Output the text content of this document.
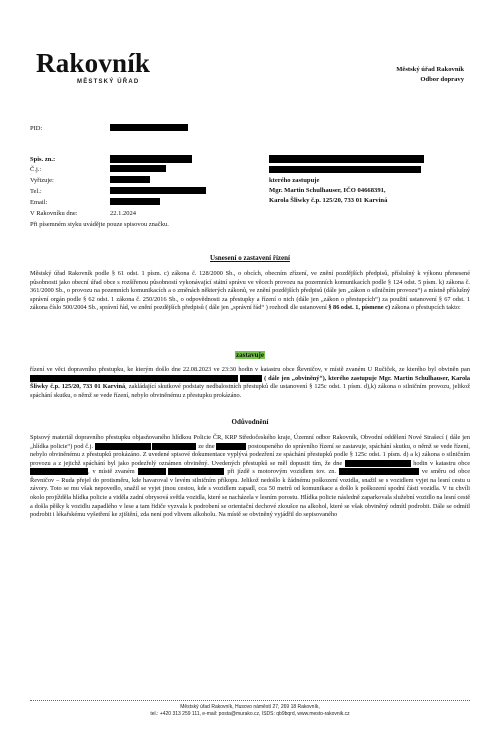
Rakovník
MĚSTSKÝ ÚŘAD
Městský úřad Rakovník
Odbor dopravy
PID:
Spis. zn.:
Č.j.:
Vyřizuje:
Tel.:
Email:
V Rakovníku dne:	22.1.2024
Při písemném styku uvádějte pouze spisovou značku.
kterého zastupuje
Mgr. Martin Schulhauser, IČO 04668391,
Karola Šliwky č.p. 125/20, 733 01 Karviná
Usnesení o zastavení řízení
Městský úřad Rakovník podle § 61 odst. 1 písm. c) zákona č. 128/2000 Sb., o obcích, obecním zřízení, ve znění pozdějších předpisů, příslušný k výkonu přenesené působnosti jako obecní úřad obce s rozšířenou působností vykonávající státní správu ve věcech provozu na pozemních komunikacích podle § 124 odst. 5 písm. k) zákona č. 361/2000 Sb., o provozu na pozemních komunikacích a o změnách některých zákonů, ve znění pozdějších předpisů (dále jen „zákon o silničním provozu“) a místně příslušný správní orgán podle § 62 odst. 1 zákona č. 250/2016 Sb., o odpovědnosti za přestupky a řízení o nich (dále jen „zákon o přestupcích“) za použití ustanovení § 67 odst. 1 zákona číslo 500/2004 Sb., správní řád, ve znění pozdějších předpisů ( dále jen „správní řád“ ) rozhodl dle ustanovení § 86 odst. 1, písmene c) zákona o přestupcích takto:
zastavuje
řízení ve věci dopravního přestupku, ke kterým došlo dne 22.08.2023 ve 23:30 hodin v katastru obce Řevničov, v místě zvaném U Ručiček, ze kterého byl obviněn pan   ( dále jen „obviněný“), kterého zastupuje Mgr. Martin Schulhauser, Karola Šliwky č.p. 125/20, 733 01 Karviná, zakládající skutkové podstaty nedbalostních přestupků dle ustanovení § 125c odst. 1 písm. d),k) zákona o silničním provozu, jelikož spáchání skutku, o němž se vede řízení, nebylo obviněnému z přestupku prokázáno.
Odůvodnění
Spisový materiál dopravního přestupku objasňovaného hlídkou Policie ČR, KRP Středočeského kraje, Územní odbor Rakovník, Obvodní oddělení Nové Strašecí ( dále jen „hlídka policie“) pod č.j.	ze dne	postoupeného do správního řízení se zastavuje, spáchání skutku, o němž se vede řízení, nebylo obviněnému z přestupků prokázáno. Z uvedené spisové dokumentace vyplývá podezření ze spáchání přestupků podle § 125c odst. 1 písm. d) a k) zákona o silničním provozu a z jejichž spáchání byl jako podezřelý oznámen obviněný. Uvedených přestupků se měl dopustit tím, že dne	hodin v katastru obce , v místě zvaném	při jízdě s motorovým vozidlem tov. zn.	ve směru od obce Řevničov – Ruda přejel do protisměru, kde havaroval v levém silničním příkopu. Jelikož nedošlo k žádnému poškození vozidla, snažil se s vozidlem vyjet na lesní cestu u závory. Toto se mu však nepovedlo, snažil se vyjet jinou cestou, kde s vozidlem zapadl, cca 50 metrů od komunikace a došlo k poškození spodní části vozidla. V tu chvíli okolo projížděla hlídka policie a viděla zadní obrysová světla vozidla, které se nacházela v lesním porostu. Hlídka policie následně zaparkovala služební vozidlo na lesní cestě a došla pěšky k vozidlu zapadlého v lese a tam řidiče vyzvala k podrobení se orientační dechové zkoušce na alkohol, které se však obviněný odmítl podrobit. Dále se odmítl podrobit i lékařskému vyšetření ke zjištění, zda není pod vlivem alkoholu. Na místě se obviněný vyjádřil do sepisovaného
Městský úřad Rakovník, Husovo náměstí 27, 269 18 Rakovník,
tel.: +420 313 259 111, e-mail: posta@murako.cz, ISDS: qb9bqrd, www.mesto-rakovnik.cz
